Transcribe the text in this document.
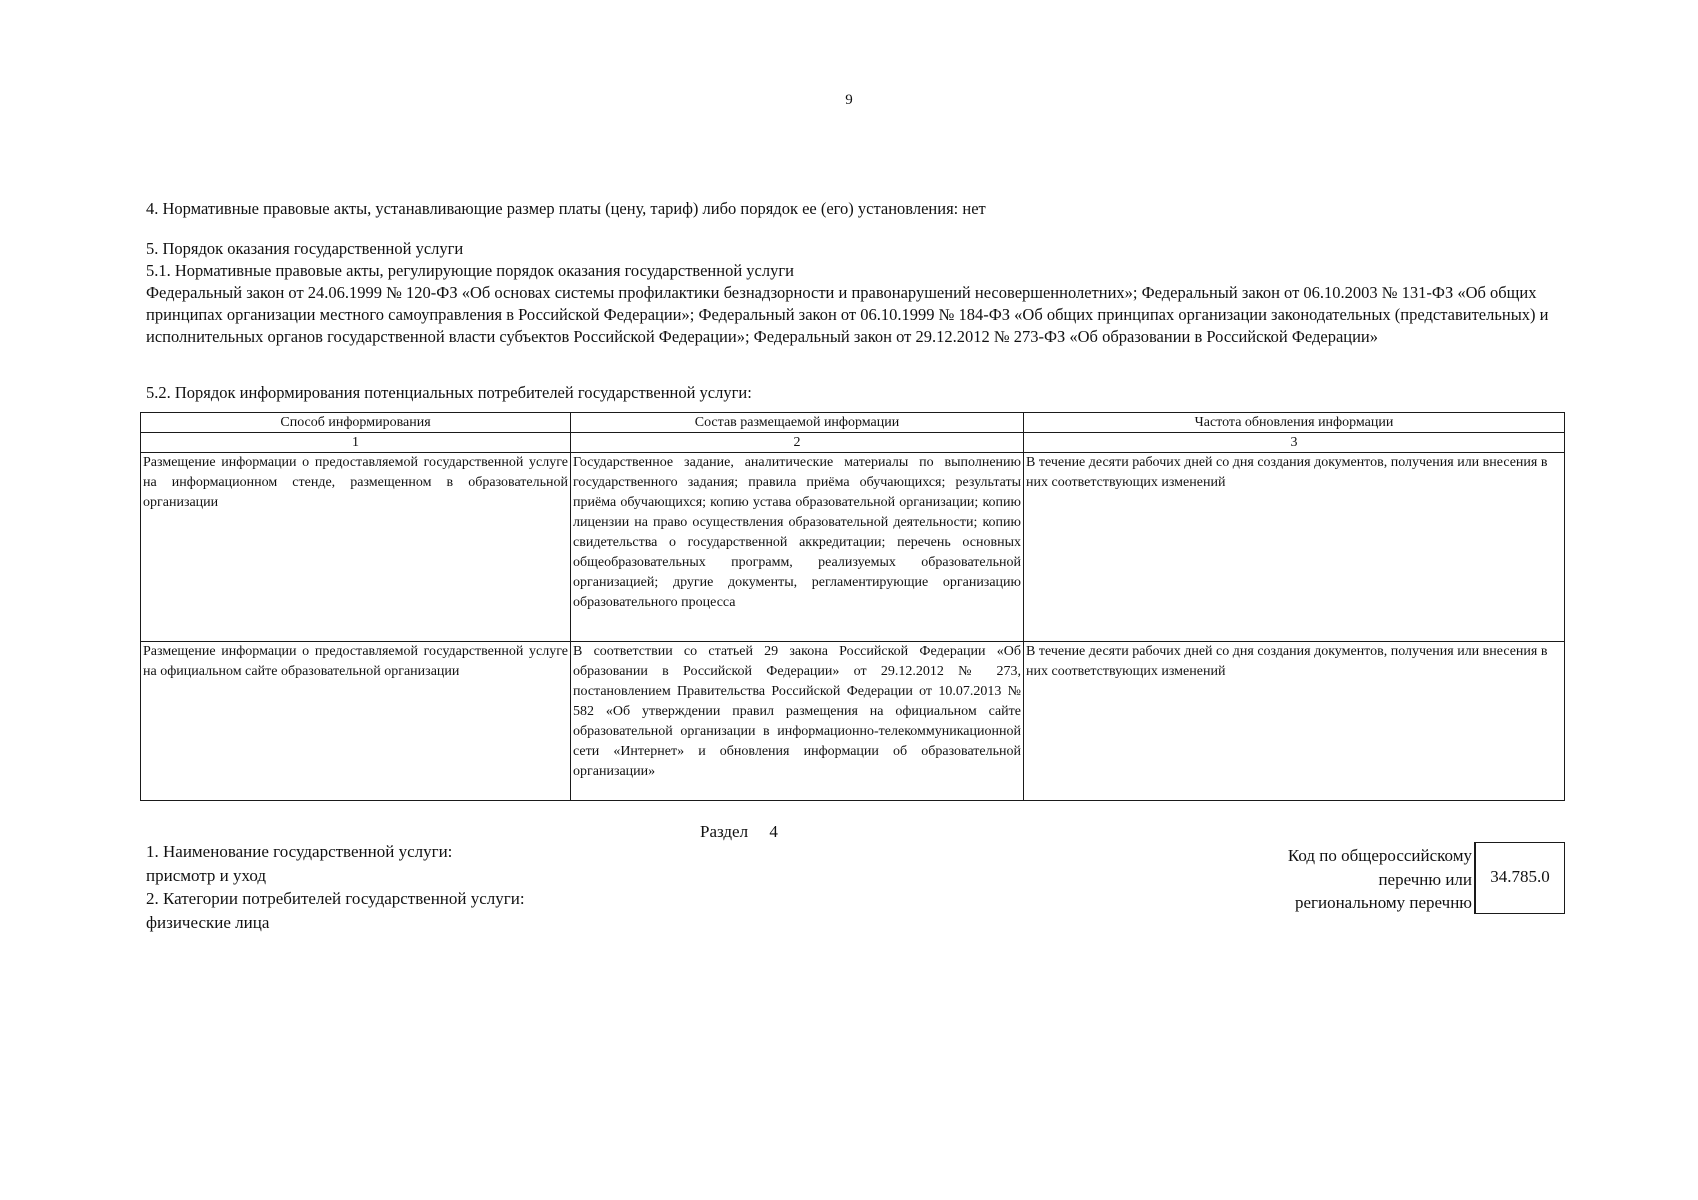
9
4. Нормативные правовые акты, устанавливающие размер платы (цену, тариф) либо порядок ее (его) установления: нет

5. Порядок оказания государственной услуги

5.1. Нормативные правовые акты, регулирующие порядок оказания государственной услуги

Федеральный закон от 24.06.1999 № 120-ФЗ «Об основах системы профилактики безнадзорности и правонарушений несовершеннолетних»; Федеральный закон от 06.10.2003 № 131-ФЗ «Об общих принципах организации местного самоуправления в Российской Федерации»; Федеральный закон от 06.10.1999 № 184-ФЗ «Об общих принципах организации законодательных (представительных) и исполнительных органов государственной власти субъектов Российской Федерации»; Федеральный закон от 29.12.2012 № 273-ФЗ «Об образовании в Российской Федерации»

5.2. Порядок информирования потенциальных потребителей государственной услуги:
Способ информирования	Состав размещаемой информации	Частота обновления информации
1	2	3
Размещение информации о предоставляемой государственной услуге на информационном стенде, размещенном в образовательной организации	Государственное задание, аналитические материалы по выполнению государственного задания; правила приёма обучающихся; результаты приёма обучающихся; копию устава образовательной организации; копию лицензии на право осуществления образовательной деятельности; копию свидетельства о государственной аккредитации; перечень основных общеобразовательных программ, реализуемых образовательной организацией; другие документы, регламентирующие организацию образовательного процесса	В течение десяти рабочих дней со дня создания документов, получения или внесения в них соответствующих изменений
Размещение информации о предоставляемой государственной услуге на официальном сайте образовательной организации	В соответствии со статьей 29 закона Российской Федерации «Об образовании в Российской Федерации» от 29.12.2012 № 273, постановлением Правительства Российской Федерации от 10.07.2013 № 582 «Об утверждении правил размещения на официальном сайте образовательной организации в информационно-телекоммуникационной сети «Интернет» и обновления информации об образовательной организации»	В течение десяти рабочих дней со дня создания документов, получения или внесения в них соответствующих изменений
Раздел 4
1. Наименование государственной услуги:
присмотр и уход
2. Категории потребителей государственной услуги:
физические лица
Код по общероссийскому
перечню или
региональному перечню
34.785.0
